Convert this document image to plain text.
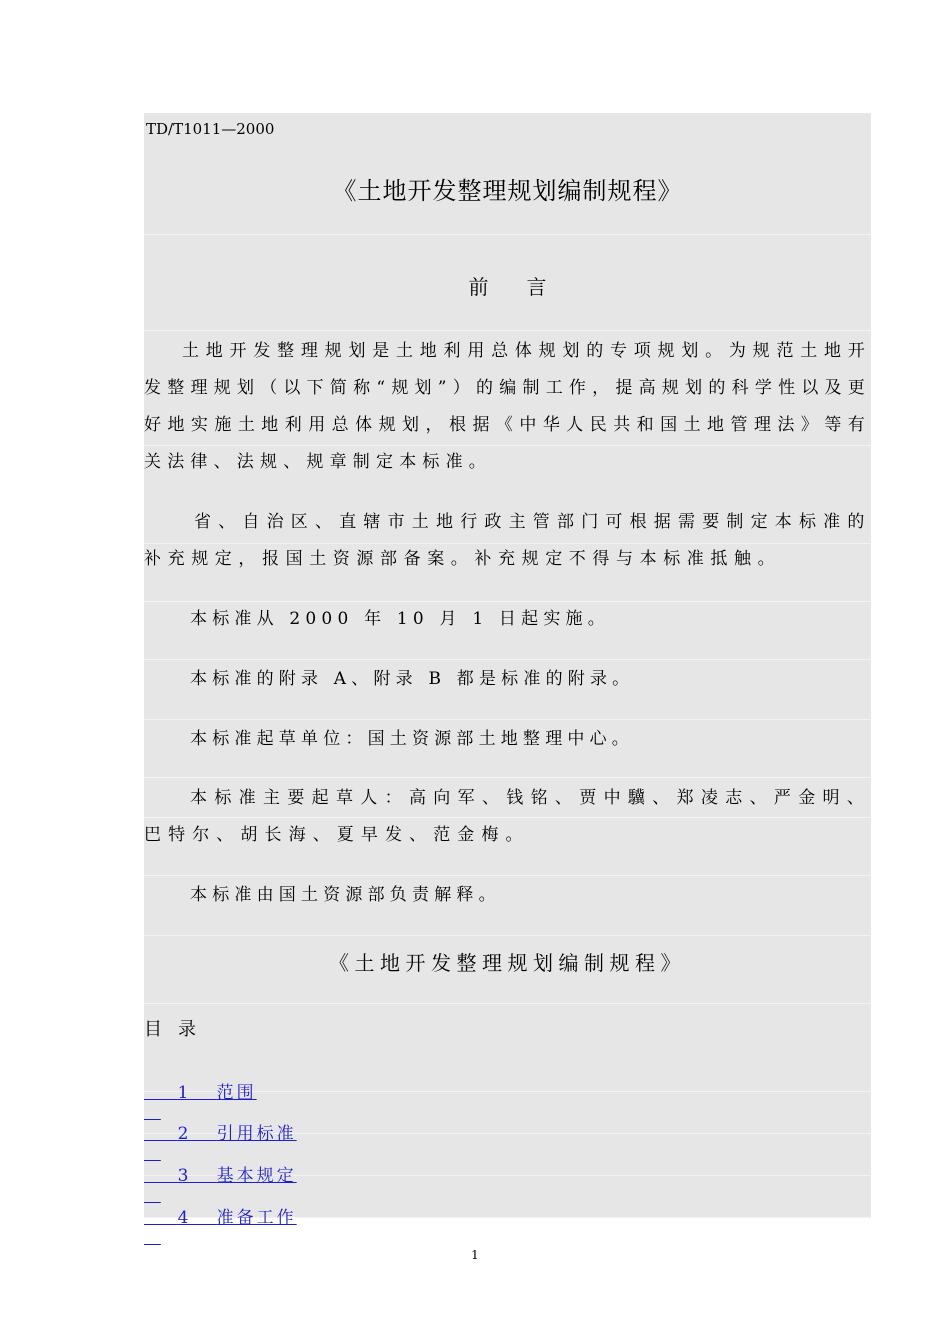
TD/T1011—2000
《土地开发整理规划编制规程》
前言

土地开发整理规划是土地利用总体规划的专项规划。为规范土地开发整理规划（以下简称“规划”）的编制工作，提高规划的科学性以及更好地实施土地利用总体规划，根据《中华人民共和国土地管理法》等有关法律、法规、规章制定本标准。

省、自治区、直辖市土地行政主管部门可根据需要制定本标准的补充规定，报国土资源部备案。补充规定不得与本标准抵触。

本标准从 2000 年 10 月 1 日起实施。

本标准的附录 A、附录 B 都是标准的附录。

本标准起草单位：国土资源部土地整理中心。

本标准主要起草人：高向军、钱铭、贾中驥、郑凌志、严金明、巴特尔、胡长海、夏早发、范金梅。

本标准由国土资源部负责解释。

《土地开发整理规划编制规程》
目录

1 范围

2 引用标准

3 基本规定

4 准备工作

1
